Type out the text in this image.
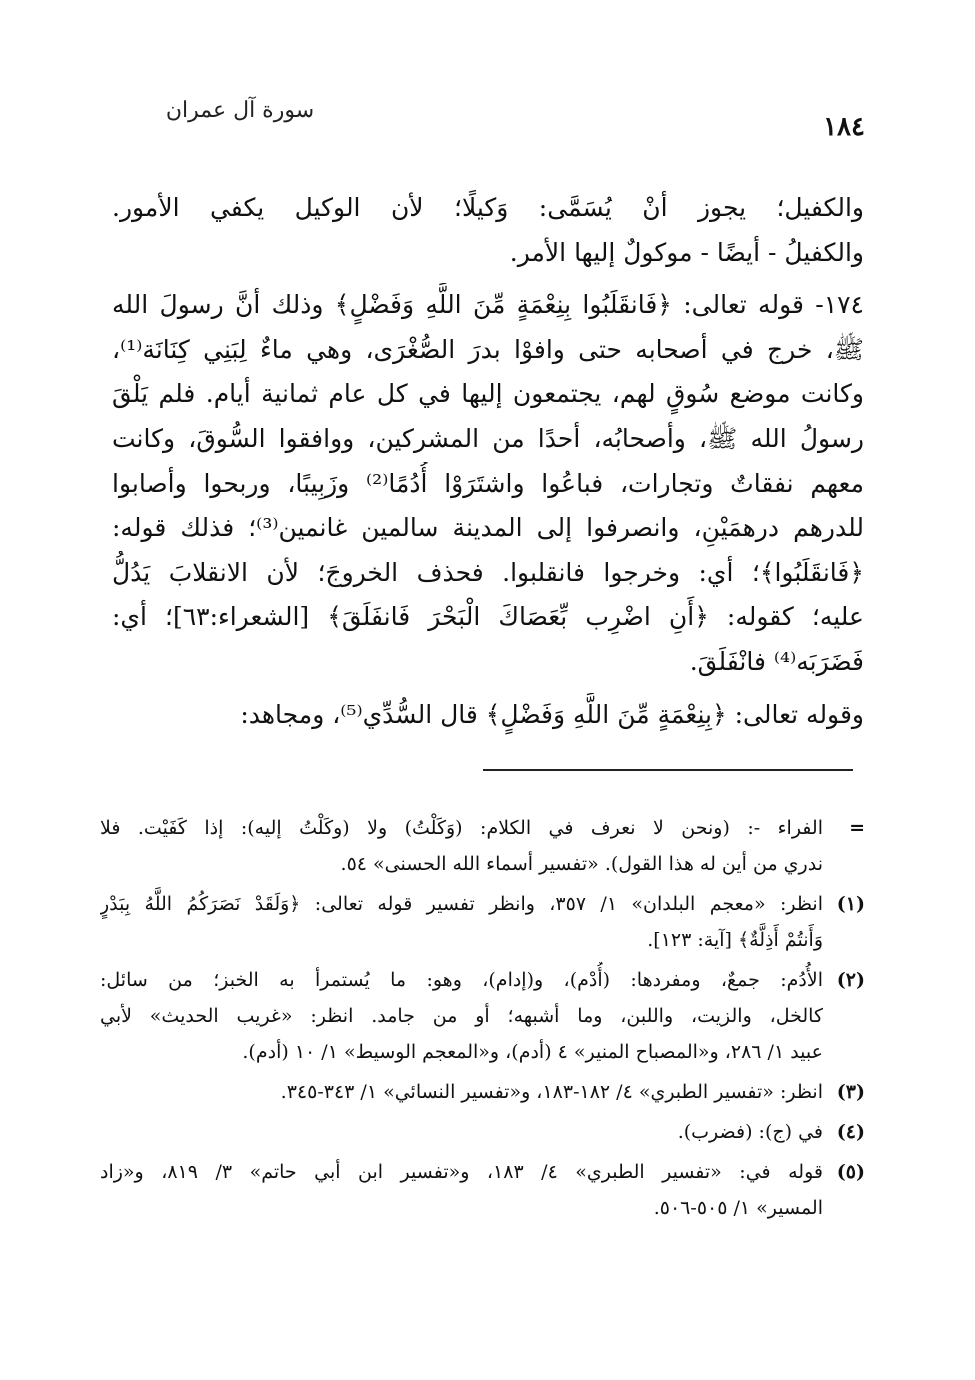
سورة آل عمران
١٨٤
والكفيل؛ يجوز أنْ يُسَمَّى: وَكيلًا؛ لأن الوكيل يكفي الأمور.
والكفيلُ - أيضًا - موكولٌ إليها الأمر.
١٧٤- قوله تعالى: ﴿فَانقَلَبُوا بِنِعْمَةٍ مِّنَ اللَّهِ وَفَضْلٍ﴾ وذلك أنَّ رسولَ الله
ﷺ، خرج في أصحابه حتى وافوْا بدرَ الصُّغْرَى، وهي ماءٌ لِبَنِي كِنَانَة⁽¹⁾،
وكانت موضع سُوقٍ لهم، يجتمعون إليها في كل عام ثمانية أيام. فلم يَلْقَ
رسولُ الله ﷺ، وأصحابُه، أحدًا من المشركين، ووافقوا السُّوقَ، وكانت
معهم نفقاتٌ وتجارات، فباعُوا واشتَرَوْا أُدُمًا⁽²⁾ وزَبِيبًا، وربحوا وأصابوا
للدرهم درهمَيْنِ، وانصرفوا إلى المدينة سالمين غانمين⁽³⁾؛ فذلك قوله:
﴿فَانقَلَبُوا﴾؛ أي: وخرجوا فانقلبوا. فحذف الخروجَ؛ لأن الانقلابَ يَدُلُّ
عليه؛ كقوله: ﴿أَنِ اضْرِب بِّعَصَاكَ الْبَحْرَ فَانفَلَقَ﴾ [الشعراء:٦٣]؛ أي:
فَضَرَبَه⁽⁴⁾ فانْفَلَقَ.
وقوله تعالى: ﴿بِنِعْمَةٍ مِّنَ اللَّهِ وَفَضْلٍ﴾ قال السُّدِّي⁽⁵⁾، ومجاهد:
=
الفراء -: (ونحن لا نعرف في الكلام: (وَكَلْتُ) ولا (وكَلْتُ إليه): إذا كَفَيْت. فلا
ندري من أين له هذا القول). «تفسير أسماء الله الحسنى» ٥٤.
(١)
انظر: «معجم البلدان» ١/ ٣٥٧، وانظر تفسير قوله تعالى: ﴿وَلَقَدْ نَصَرَكُمُ اللَّهُ بِبَدْرٍ
وَأَنتُمْ أَذِلَّةٌ﴾ [آية: ١٢٣].
(٢)
الأُدُم: جمعٌ، ومفردها: (أُدْم)، و(إدام)، وهو: ما يُستمرأ به الخبز؛ من سائل:
كالخل، والزيت، واللبن، وما أشبهه؛ أو من جامد. انظر: «غريب الحديث» لأبي
عبيد ١/ ٢٨٦، و«المصباح المنير» ٤ (أدم)، و«المعجم الوسيط» ١/ ١٠ (أدم).
(٣)
انظر: «تفسير الطبري» ٤/ ١٨٢-١٨٣، و«تفسير النسائي» ١/ ٣٤٣-٣٤٥.
(٤)
في (ج): (فضرب).
(٥)
قوله في: «تفسير الطبري» ٤/ ١٨٣، و«تفسير ابن أبي حاتم» ٣/ ٨١٩، و«زاد
المسير» ١/ ٥٠٥-٥٠٦.
